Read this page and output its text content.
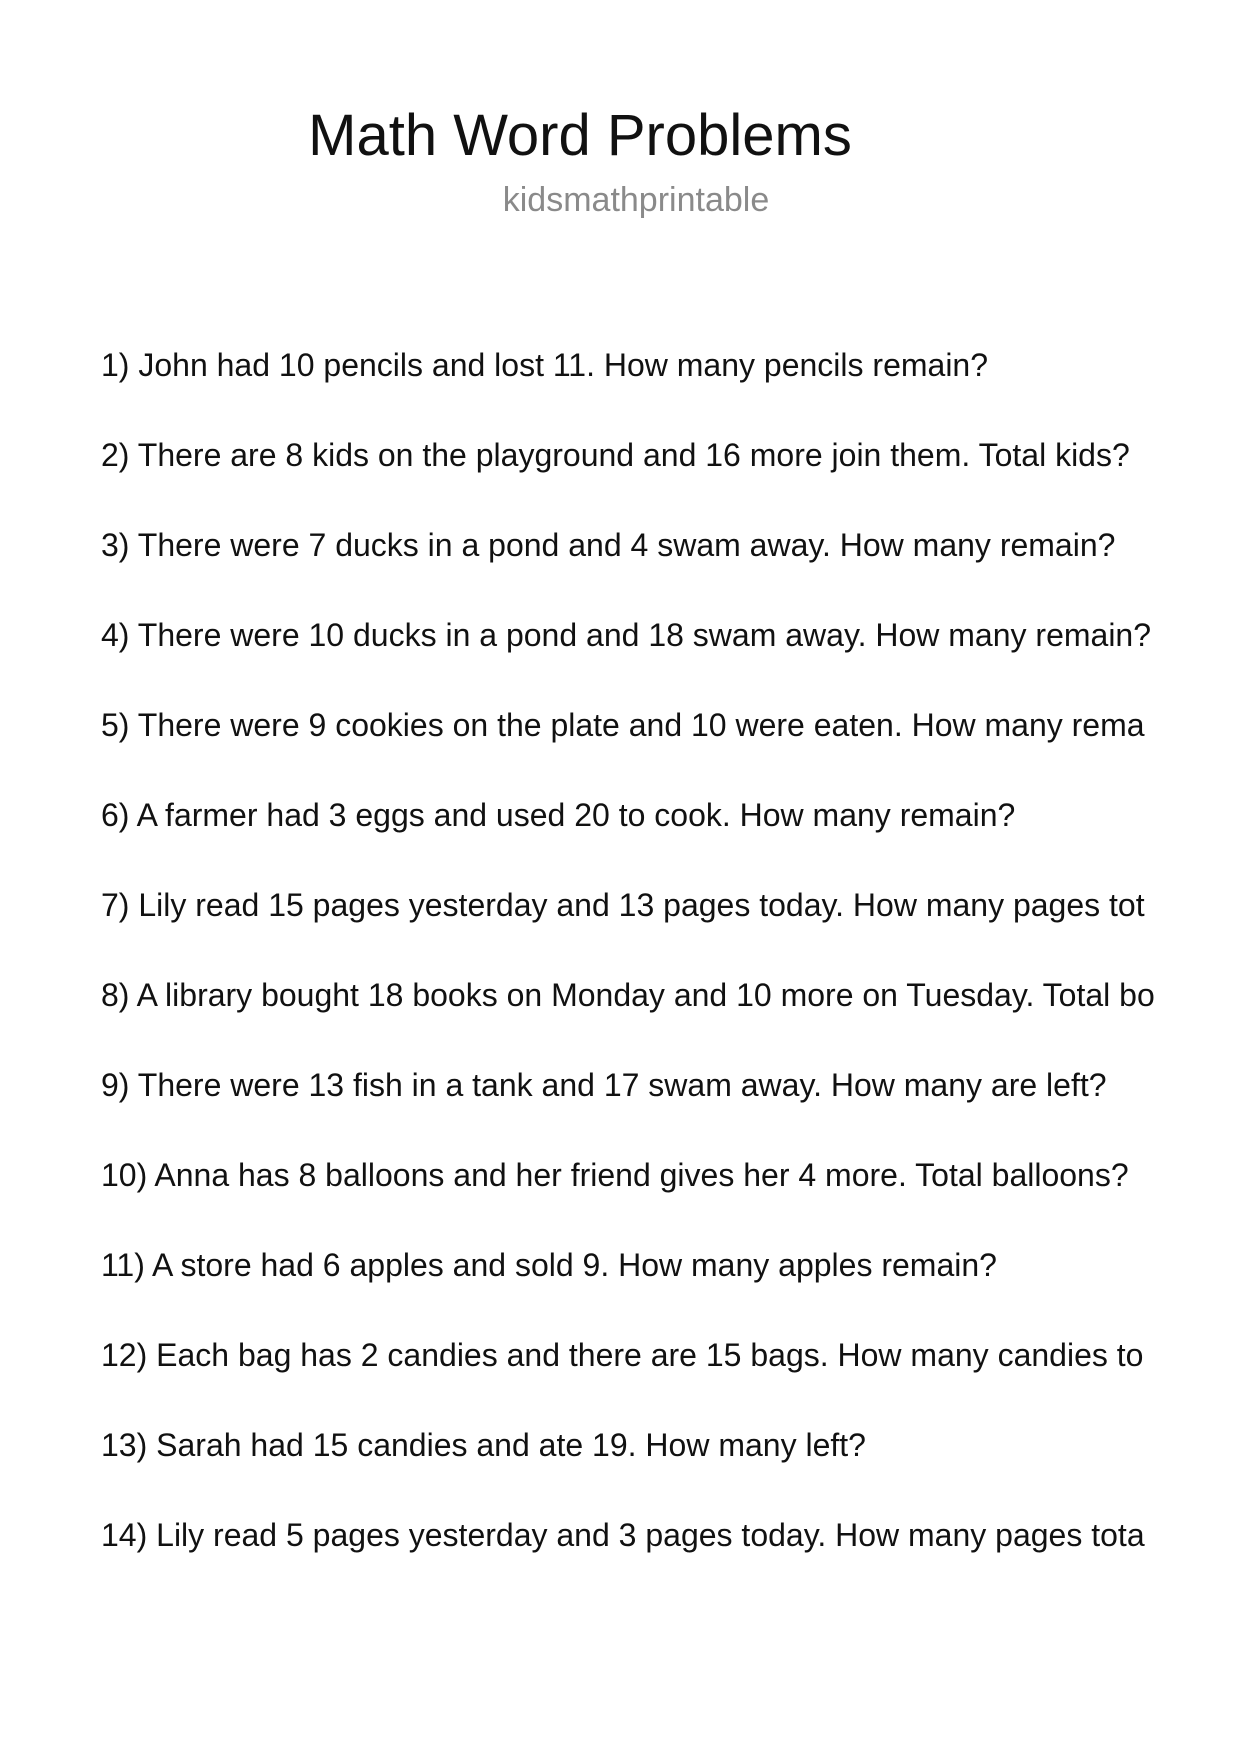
Math Word Problems
kidsmathprintable
1) John had 10 pencils and lost 11. How many pencils remain?
2) There are 8 kids on the playground and 16 more join them. Total kids?
3) There were 7 ducks in a pond and 4 swam away. How many remain?
4) There were 10 ducks in a pond and 18 swam away. How many remain?
5) There were 9 cookies on the plate and 10 were eaten. How many rema
6) A farmer had 3 eggs and used 20 to cook. How many remain?
7) Lily read 15 pages yesterday and 13 pages today. How many pages tot
8) A library bought 18 books on Monday and 10 more on Tuesday. Total bo
9) There were 13 fish in a tank and 17 swam away. How many are left?
10) Anna has 8 balloons and her friend gives her 4 more. Total balloons?
11) A store had 6 apples and sold 9. How many apples remain?
12) Each bag has 2 candies and there are 15 bags. How many candies to
13) Sarah had 15 candies and ate 19. How many left?
14) Lily read 5 pages yesterday and 3 pages today. How many pages tota
